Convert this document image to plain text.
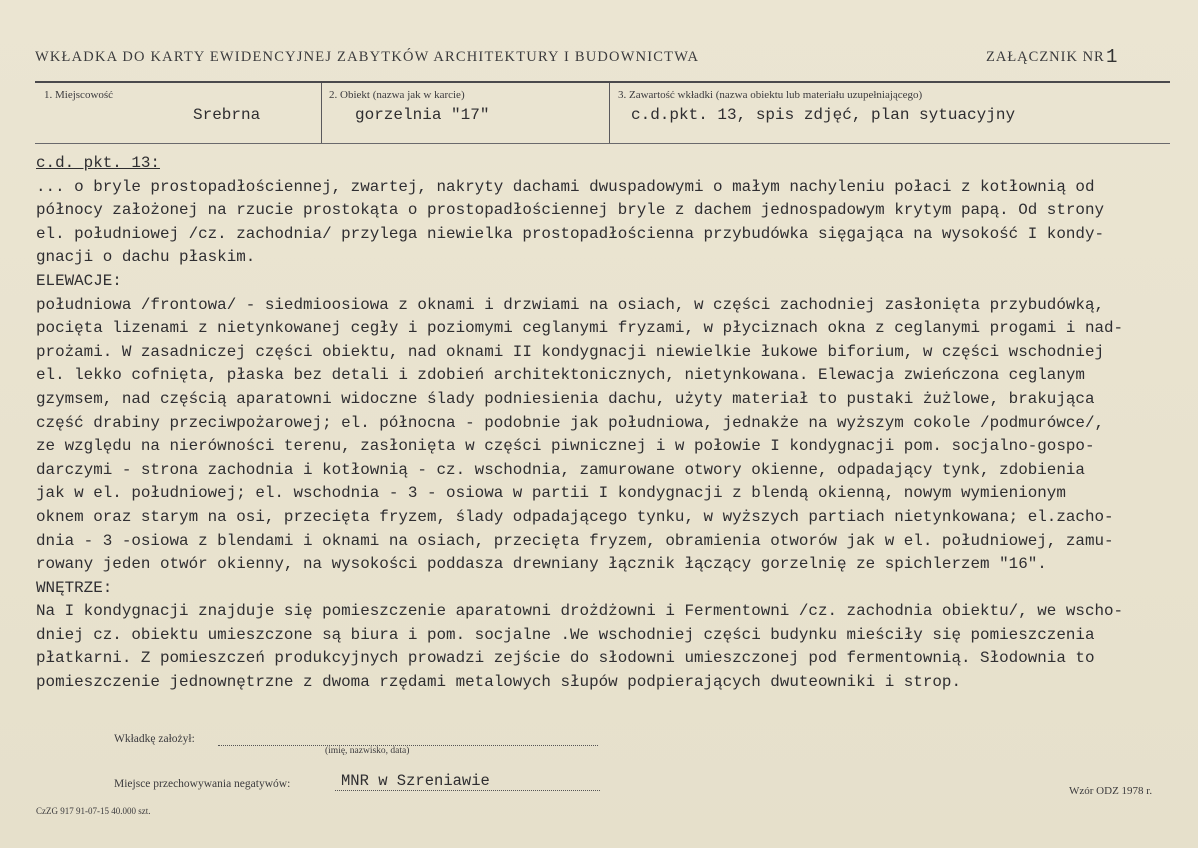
WKŁADKA DO KARTY EWIDENCYJNEJ ZABYTKÓW ARCHITEKTURY I BUDOWNICTWA	ZAŁĄCZNIK NR 1
1. Miejscowość
Srebrna
2. Obiekt (nazwa jak w karcie)
gorzelnia "17"
3. Zawartość wkładki (nazwa obiektu lub materiału uzupełniającego)
c.d.pkt. 13, spis zdjęć, plan sytuacyjny
c.d. pkt. 13:
... o bryle prostopadłościennej, zwartej, nakryty dachami dwuspadowymi o małym nachyleniu połaci z kotłownią od
północy założonej na rzucie prostokąta o prostopadłościennej bryle z dachem jednospadowym krytym papą. Od strony
el. południowej /cz. zachodnia/ przylega niewielka prostopadłościenna przybudówka sięgająca na wysokość I kondy-
gnacji o dachu płaskim.
ELEWACJE:
południowa /frontowa/ - siedmioosiowa z oknami i drzwiami na osiach, w części zachodniej zasłonięta przybudówką,
pocięta lizenami z nietynkowanej cegły i poziomymi ceglanymi fryzami, w płyciznach okna z ceglanymi progami i nad-
prożami. W zasadniczej części obiektu, nad oknami II kondygnacji niewielkie łukowe biforium, w części wschodniej
el. lekko cofnięta, płaska bez detali i zdobień architektonicznych, nietynkowana. Elewacja zwieńczona ceglanym
gzymsem, nad częścią aparatowni widoczne ślady podniesienia dachu, użyty materiał to pustaki żużlowe, brakująca
część drabiny przeciwpożarowej; el. północna - podobnie jak południowa, jednakże na wyższym cokole /podmurówce/,
ze względu na nierówności terenu, zasłonięta w części piwnicznej i w połowie I kondygnacji pom. socjalno-gospo-
darczymi - strona zachodnia i kotłownią - cz. wschodnia, zamurowane otwory okienne, odpadający tynk, zdobienia
jak w el. południowej; el. wschodnia - 3 - osiowa w partii I kondygnacji z blendą okienną, nowym wymienionym
oknem oraz starym na osi, przecięta fryzem, ślady odpadającego tynku, w wyższych partiach nietynkowana; el.zacho-
dnia - 3 -osiowa z blendami i oknami na osiach, przecięta fryzem, obramienia otworów jak w el. południowej, zamu-
rowany jeden otwór okienny, na wysokości poddasza drewniany łącznik łączący gorzelnię ze spichlerzem "16".
WNĘTRZE:
Na I kondygnacji znajduje się pomieszczenie aparatowni drożdżowni i Fermentowni /cz. zachodnia obiektu/, we wscho-
dniej cz. obiektu umieszczone są biura i pom. socjalne .We wschodniej części budynku mieściły się pomieszczenia
płatkarni. Z pomieszczeń produkcyjnych prowadzi zejście do słodowni umieszczonej pod fermentownią. Słodownia to
pomieszczenie jednownętrzne z dwoma rzędami metalowych słupów podpierających dwuteowniki i strop.
Wkładkę założył:
(imię, nazwisko, data)
Miejsce przechowywania negatywów:	MNR w Szreniawie
CzZG 917 91-07-15 40.000 szt.
Wzór ODZ 1978 r.
